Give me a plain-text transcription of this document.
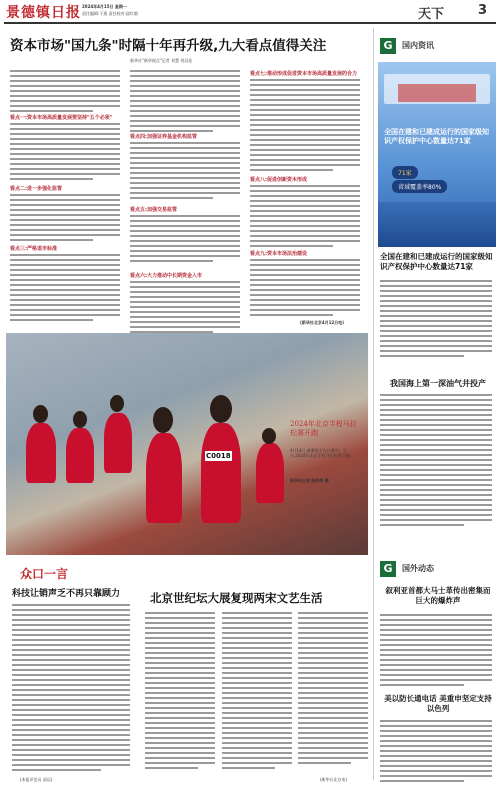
景德镇日报 2024年4月15日 星期一
责任编辑:干燕 责任校对:邱红敏	天下	3
资本市场"国九条"时隔十年再升级,九大看点值得关注
新华社"新华视点"记者 刘慧 刘羽佳
看点一:资本市场高质量发展要坚持"五个必须"
看点二:进一步强化监管
看点三:严格退市标准
看点四:加强证券基金机构监管
看点五:加强交易监管
看点六:大力推动中长期资金入市
看点七:推动形成促进资本市场高质量发展的合力
看点八:促进创新资本形成
看点九:资本市场法治建设
(新华社北京4月12日电)
C0018
2024年北京半程马拉松赛开跑
4月14日,参赛选手在比赛中。当日,2024年北京半程马拉松赛开跑。
新华社记者 陈钟昊 摄
众口一言
科技让销声乏不再只靠顾力
(本报评论员 邱远)
北京世纪坛大展复现两宋文艺生活
(新华社北京电)
G	国内资讯
全国在建和已建成运行的国家级知识产权保护中心数量达71家
71家
省域覆盖率80%
全国在建和已建成运行的国家级知识产权保护中心数量达71家
我国海上第一深油气井投产
G	国外动态
叙利亚首都大马士革传出密集而巨大的爆炸声
美以防长通电话 美重申坚定支持以色列
